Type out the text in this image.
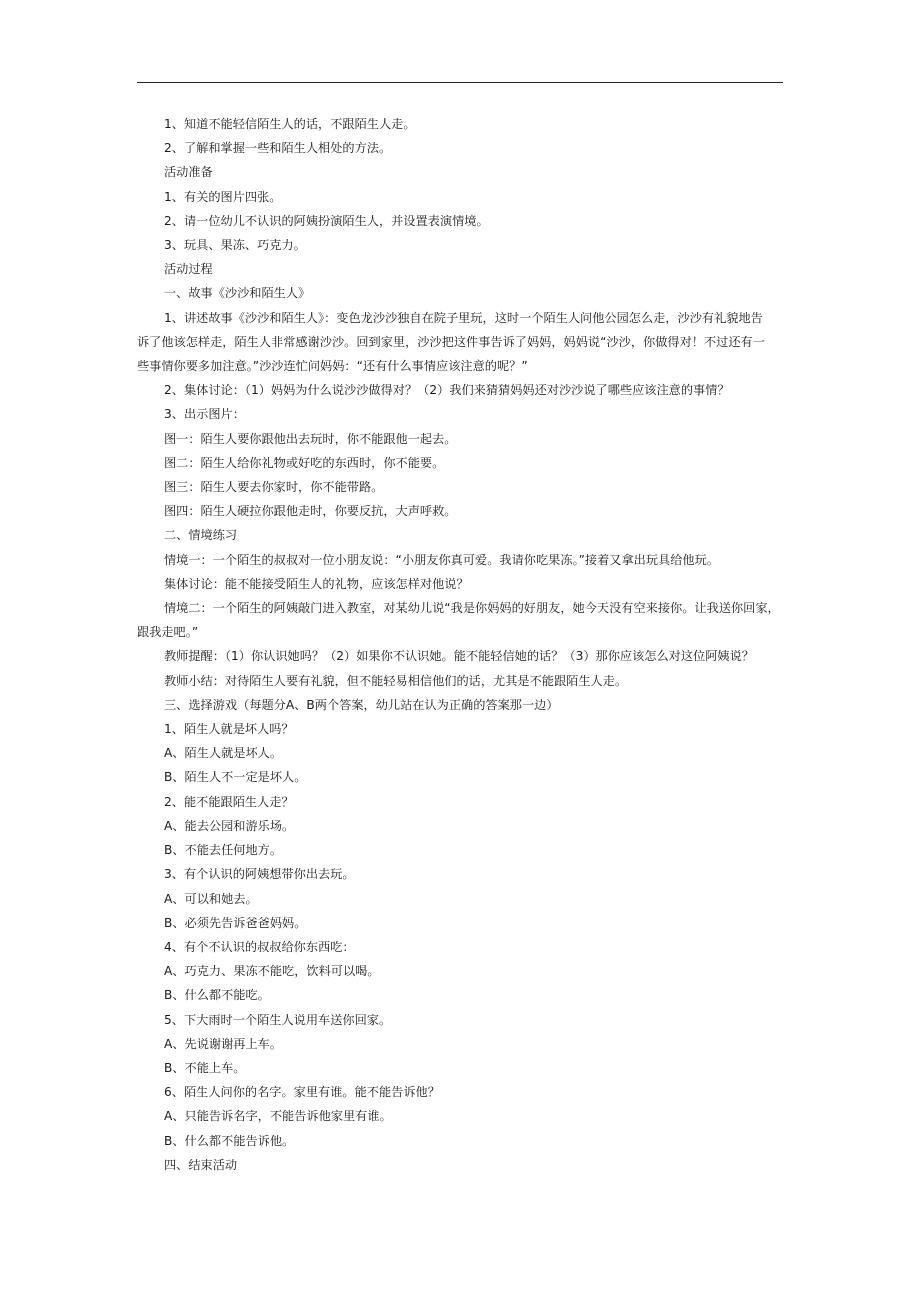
1、知道不能轻信陌生人的话，不跟陌生人走。

2、了解和掌握一些和陌生人相处的方法。

活动准备

1、有关的图片四张。

2、请一位幼儿不认识的阿姨扮演陌生人，并设置表演情境。

3、玩具、果冻、巧克力。

活动过程

一、故事《沙沙和陌生人》

1、讲述故事《沙沙和陌生人》：变色龙沙沙独自在院子里玩，这时一个陌生人问他公园怎么走，沙沙有礼貌地告
诉了他该怎样走，陌生人非常感谢沙沙。回到家里，沙沙把这件事告诉了妈妈，妈妈说“沙沙，你做得对！不过还有一
些事情你要多加注意。”沙沙连忙问妈妈：“还有什么事情应该注意的呢？”

2、集体讨论：（1）妈妈为什么说沙沙做得对？（2）我们来猜猜妈妈还对沙沙说了哪些应该注意的事情？

3、出示图片：

图一：陌生人要你跟他出去玩时，你不能跟他一起去。

图二：陌生人给你礼物或好吃的东西时，你不能要。

图三：陌生人要去你家时，你不能带路。

图四：陌生人硬拉你跟他走时，你要反抗，大声呼救。

二、情境练习

情境一：一个陌生的叔叔对一位小朋友说：“小朋友你真可爱。我请你吃果冻。”接着又拿出玩具给他玩。

集体讨论：能不能接受陌生人的礼物，应该怎样对他说？

情境二：一个陌生的阿姨敲门进入教室，对某幼儿说“我是你妈妈的好朋友，她今天没有空来接你。让我送你回家，
跟我走吧。”

教师提醒：（1）你认识她吗？（2）如果你不认识她。能不能轻信她的话？（3）那你应该怎么对这位阿姨说？

教师小结：对待陌生人要有礼貌，但不能轻易相信他们的话，尤其是不能跟陌生人走。

三、选择游戏（每题分A、B两个答案，幼儿站在认为正确的答案那一边）

1、陌生人就是坏人吗？

A、陌生人就是坏人。

B、陌生人不一定是坏人。

2、能不能跟陌生人走？

A、能去公园和游乐场。

B、不能去任何地方。

3、有个认识的阿姨想带你出去玩。

A、可以和她去。

B、必须先告诉爸爸妈妈。

4、有个不认识的叔叔给你东西吃：

A、巧克力、果冻不能吃，饮料可以喝。

B、什么都不能吃。

5、下大雨时一个陌生人说用车送你回家。

A、先说谢谢再上车。

B、不能上车。

6、陌生人问你的名字。家里有谁。能不能告诉他？

A、只能告诉名字，不能告诉他家里有谁。

B、什么都不能告诉他。

四、结束活动
